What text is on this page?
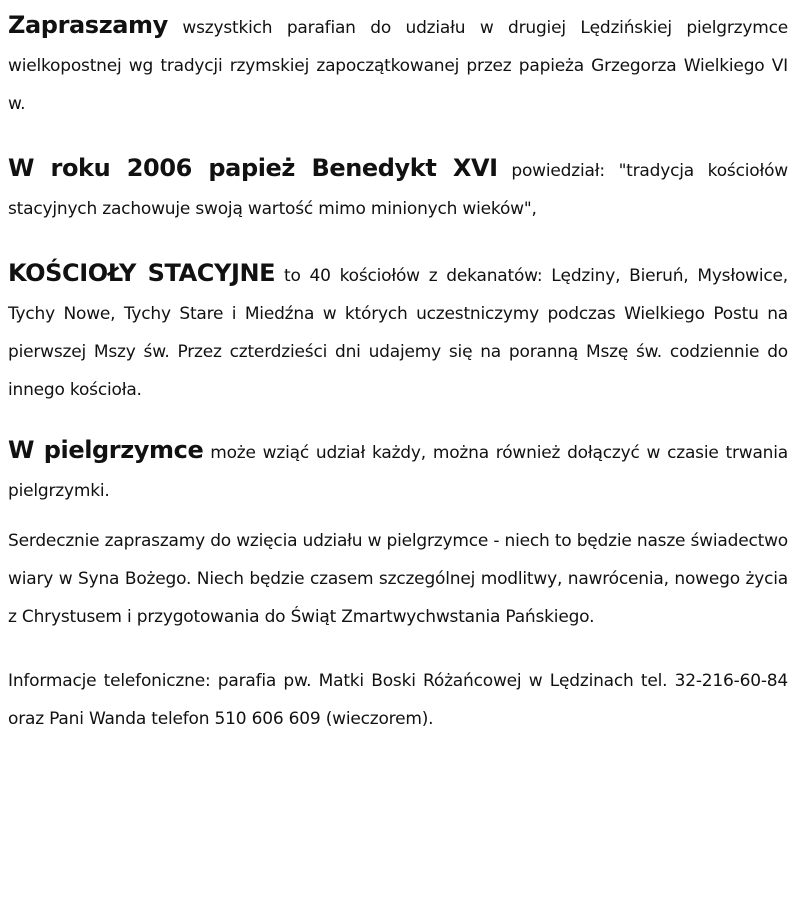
Zapraszamy wszystkich parafian do udziału w drugiej Lędzińskiej pielgrzymce wielkopostnej wg tradycji rzymskiej zapoczątkowanej przez papieża Grzegorza Wielkiego VI w.

W roku 2006 papież Benedykt XVI powiedział: "tradycja kościołów stacyjnych zachowuje swoją wartość mimo minionych wieków",

KOŚCIOŁY STACYJNE to 40 kościołów z dekanatów: Lędziny, Bieruń, Mysłowice, Tychy Nowe, Tychy Stare i Miedźna w których uczestniczymy podczas Wielkiego Postu na pierwszej Mszy św. Przez czterdzieści dni udajemy się na poranną Mszę św. codziennie do innego kościoła.

W pielgrzymce może wziąć udział każdy, można również dołączyć w czasie trwania pielgrzymki.

Serdecznie zapraszamy do wzięcia udziału w pielgrzymce - niech to będzie nasze świadectwo wiary w Syna Bożego. Niech będzie czasem szczególnej modlitwy, nawrócenia, nowego życia z Chrystusem i przygotowania do Świąt Zmartwychwstania Pańskiego.

Informacje telefoniczne: parafia pw. Matki Boski Różańcowej w Lędzinach tel. 32-216-60-84 oraz Pani Wanda telefon 510 606 609 (wieczorem).
